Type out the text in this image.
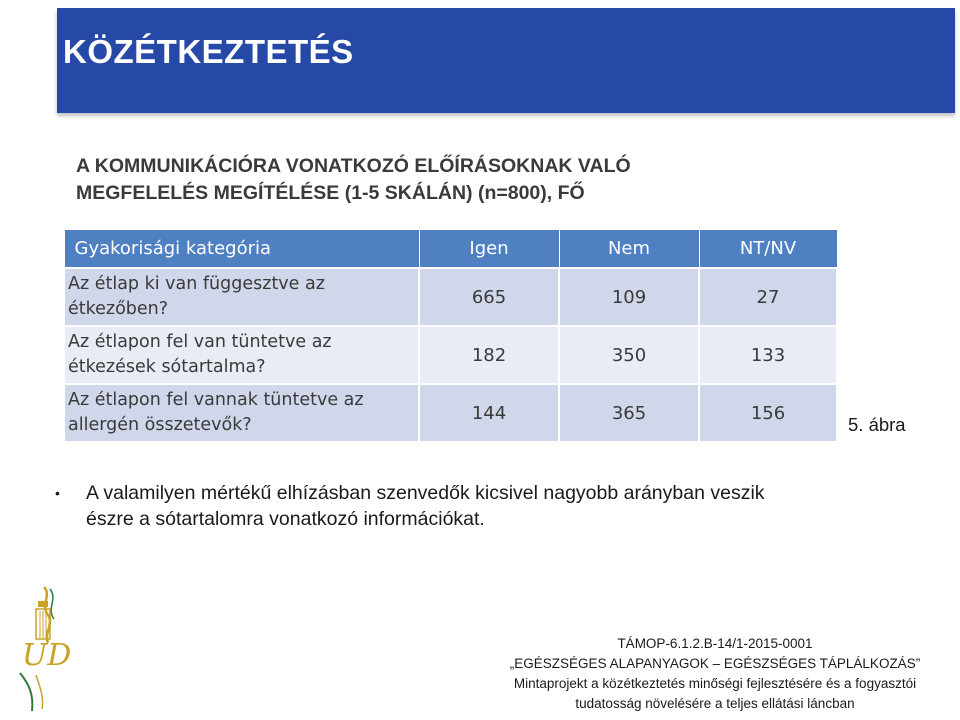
KÖZÉTKEZTETÉS
A KOMMUNIKÁCIÓRA VONATKOZÓ ELŐÍRÁSOKNAK VALÓ
MEGFELELÉS MEGÍTÉLÉSE (1-5 SKÁLÁN) (n=800), FŐ
Gyakorisági kategória	Igen	Nem	NT/NV

Az étlap ki van függesztve az
étkezőben?	665	109	27

Az étlapon fel van tüntetve az
étkezések sótartalma?	182	350	133

Az étlapon fel vannak tüntetve az
allergén összetevők?	144	365	156
5. ábra
• A valamilyen mértékű elhízásban szenvedők kicsivel nagyobb arányban veszik
észre a sótartalomra vonatkozó információkat.
UD	TÁMOP-6.1.2.B-14/1-2015-0001
„EGÉSZSÉGES ALAPANYAGOK – EGÉSZSÉGES TÁPLÁLKOZÁS”
Mintaprojekt a közétkeztetés minőségi fejlesztésére és a fogyasztói
tudatosság növelésére a teljes ellátási láncban
